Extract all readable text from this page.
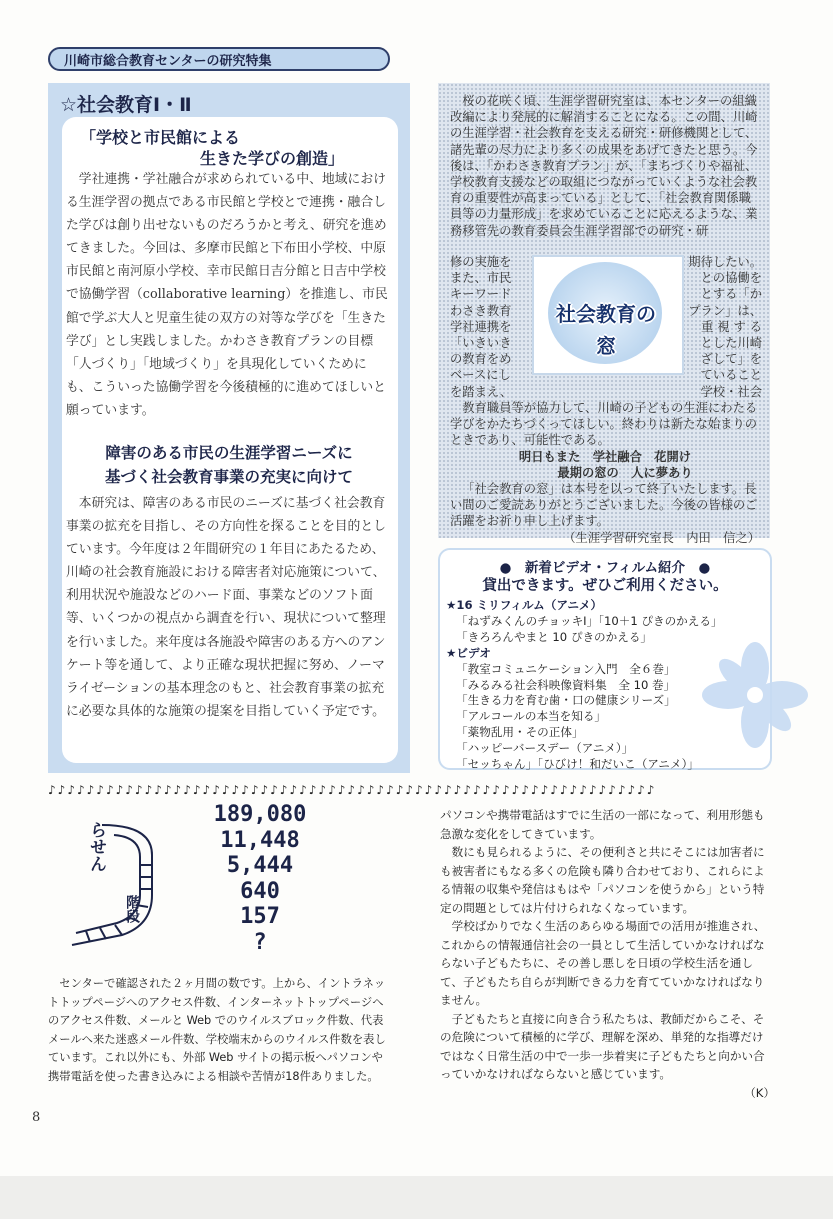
川崎市総合教育センターの研究特集
☆社会教育Ⅰ・Ⅱ
「学校と市民館による
生きた学びの創造」

学社連携・学社融合が求められている中、地域における生涯学習の拠点である市民館と学校とで連携・融合した学びは創り出せないものだろうかと考え、研究を進めてきました。今回は、多摩市民館と下布田小学校、中原市民館と南河原小学校、幸市民館日吉分館と日吉中学校で協働学習（collaborative learning）を推進し、市民館で学ぶ大人と児童生徒の双方の対等な学びを「生きた学び」とし実践しました。かわさき教育プランの目標「人づくり」「地域づくり」を具現化していくためにも、こういった協働学習を今後積極的に進めてほしいと願っています。

障害のある市民の生涯学習ニーズに
基づく社会教育事業の充実に向けて

本研究は、障害のある市民のニーズに基づく社会教育事業の拡充を目指し、その方向性を探ることを目的としています。今年度は２年間研究の１年目にあたるため、川崎の社会教育施設における障害者対応施策について、利用状況や施設などのハード面、事業などのソフト面等、いくつかの視点から調査を行い、現状について整理を行いました。来年度は各施設や障害のある方へのアンケート等を通して、より正確な現状把握に努め、ノーマライゼーションの基本理念のもと、社会教育事業の拡充に必要な具体的な施策の提案を目指していく予定です。

桜の花咲く頃、生涯学習研究室は、本センターの組織改編により発展的に解消することになる。この間、川崎の生涯学習・社会教育を支える研究・研修機関として、諸先輩の尽力により多くの成果をあげてきたと思う。今後は、「かわさき教育プラン」が、「まちづくりや福祉、学校教育支援などの取組につながっていくような社会教育の重要性が高まっている」として、「社会教育関係職員等の力量形成」を求めていることに応えるような、業務移管先の教育委員会生涯学習部での研究・研

修の実施を
また、市民
キーワード
わさき教育
学社連携を
「いきいき
の教育をめ
ベースにし
を踏まえ、
期待したい。
との協働を
とする「か
プラン」は、
重 視 す る
とした川崎
ざして」を
ていること
学校・社会
社会教育の
窓

教育職員等が協力して、川崎の子どもの生涯にわたる学びをかたちづくってほしい。終わりは新たな始まりのときであり、可能性である。

明日もまた　学社融合　花開け

最期の窓の　人に夢あり

「社会教育の窓」は本号を以って終了いたします。長い間のご愛読ありがとうございました。今後の皆様のご活躍をお祈り申し上げます。

（生涯学習研究室長　内田　信之）

●　新着ビデオ・フィルム紹介　●
貸出できます。ぜひご利用ください。
★16 ミリフィルム（アニメ）
「ねずみくんのチョッキⅠ」「10＋1 ぴきのかえる」
「きろろんやまと 10 ぴきのかえる」
★ビデオ
「教室コミュニケーション入門　全６巻」
「みるみる社会科映像資料集　全 10 巻」
「生きる力を育む歯・口の健康シリーズ」
「アルコールの本当を知る」
「薬物乱用・その正体」
「ハッピーバースデー（アニメ）」
「セッちゃん」「ひびけ！和だいこ（アニメ）」
♪♪♪♪♪♪♪♪♪♪♪♪♪♪♪♪♪♪♪♪♪♪♪♪♪♪♪♪♪♪♪♪♪♪♪♪♪♪♪♪♪♪♪♪♪♪♪♪♪♪♪♪♪♪♪♪♪♪♪♪♪♪♪
らせん
階段
189,080
11,448
5,444
640
157
?

センターで確認された２ヶ月間の数です。上から、イントラネットトップページへのアクセス件数、インターネットトップページへのアクセス件数、メールと Web でのウイルスブロック件数、代表メールへ来た迷惑メール件数、学校端末からのウイルス件数を表しています。これ以外にも、外部 Web サイトの掲示板へパソコンや携帯電話を使った書き込みによる相談や苦情が18件ありました。

パソコンや携帯電話はすでに生活の一部になって、利用形態も急激な変化をしてきています。

数にも見られるように、その便利さと共にそこには加害者にも被害者にもなる多くの危険も隣り合わせており、これらによる情報の収集や発信はもはや「パソコンを使うから」という特定の問題としては片付けられなくなっています。

学校ばかりでなく生活のあらゆる場面での活用が推進され、これからの情報通信社会の一員として生活していかなければならない子どもたちに、その善し悪しを日頃の学校生活を通して、子どもたち自らが判断できる力を育てていかなければなりません。

子どもたちと直接に向き合う私たちは、教師だからこそ、その危険について積極的に学び、理解を深め、単発的な指導だけではなく日常生活の中で一歩一歩着実に子どもたちと向かい合っていかなければならないと感じています。

（K）

8
